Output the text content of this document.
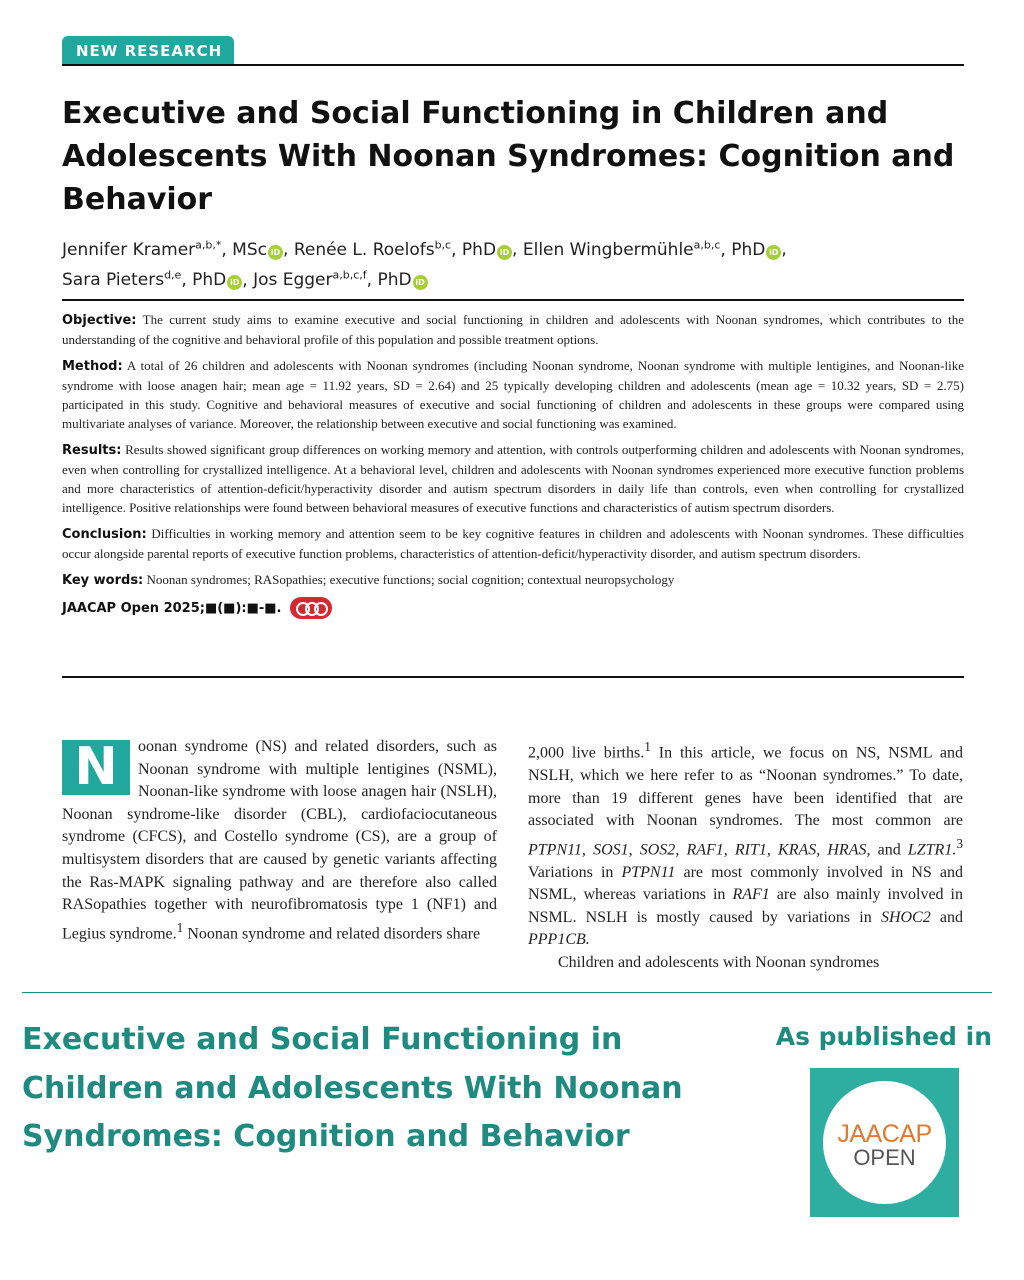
NEW RESEARCH
Executive and Social Functioning in Children and Adolescents With Noonan Syndromes: Cognition and Behavior
Jennifer Kramer$^{a,b,*}$, MSc iD , Renée L. Roelofs$^{b,c}$, PhD iD , Ellen Wingbermühle$^{a,b,c}$, PhD iD ,
Sara Pieters$^{d,e}$, PhD iD , Jos Egger$^{a,b,c,f}$, PhD iD

Objective: The current study aims to examine executive and social functioning in children and adolescents with Noonan syndromes, which contributes to the understanding of the cognitive and behavioral profile of this population and possible treatment options.

Method: A total of 26 children and adolescents with Noonan syndromes (including Noonan syndrome, Noonan syndrome with multiple lentigines, and Noonan-like syndrome with loose anagen hair; mean age = 11.92 years, SD = 2.64) and 25 typically developing children and adolescents (mean age = 10.32 years, SD = 2.75) participated in this study. Cognitive and behavioral measures of executive and social functioning of children and adolescents in these groups were compared using multivariate analyses of variance. Moreover, the relationship between executive and social functioning was examined.

Results: Results showed significant group differences on working memory and attention, with controls outperforming children and adolescents with Noonan syndromes, even when controlling for crystallized intelligence. At a behavioral level, children and adolescents with Noonan syndromes experienced more executive function problems and more characteristics of attention-deficit/hyperactivity disorder and autism spectrum disorders in daily life than controls, even when controlling for crystallized intelligence. Positive relationships were found between behavioral measures of executive functions and characteristics of autism spectrum disorders.

Conclusion: Difficulties in working memory and attention seem to be key cognitive features in children and adolescents with Noonan syndromes. These difficulties occur alongside parental reports of executive function problems, characteristics of attention-deficit/hyperactivity disorder, and autism spectrum disorders.

Key words: Noonan syndromes; RASopathies; executive functions; social cognition; contextual neuropsychology

JAACAP Open 2025;■(■):■-■.

N	oonan syndrome (NS) and related disorders, such as Noonan syndrome with multiple lentigines (NSML), Noonan-like syndrome with loose anagen hair (NSLH), Noonan syndrome-like disorder (CBL), cardiofaciocutaneous syndrome (CFCS), and Costello syndrome (CS), are a group of multisystem disorders that are caused by genetic variants affecting the Ras-MAPK signaling pathway and are therefore also called RASopathies together with neurofibromatosis type 1 (NF1) and Legius syndrome.$^1$ Noonan syndrome and related disorders share

2,000 live births.$^1$ In this article, we focus on NS, NSML and NSLH, which we here refer to as “Noonan syndromes.” To date, more than 19 different genes have been identified that are associated with Noonan syndromes. The most common are PTPN11, SOS1, SOS2, RAF1, RIT1, KRAS, HRAS, and LZTR1.$^3$ Variations in PTPN11 are most commonly involved in NS and NSML, whereas variations in RAF1 are also mainly involved in NSML. NSLH is mostly caused by variations in SHOC2 and PPP1CB.

Children and adolescents with Noonan syndromes

Executive and Social Functioning in Children and Adolescents With Noonan Syndromes: Cognition and Behavior
As published in
JAACAP
OPEN
